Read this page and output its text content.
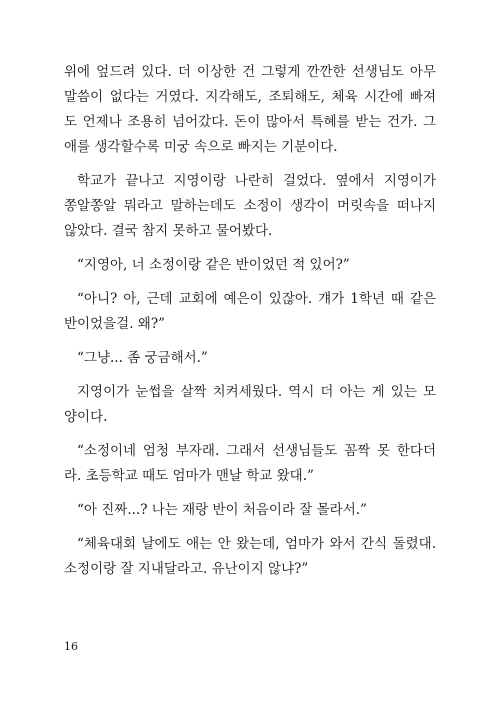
위에 엎드려 있다. 더 이상한 건 그렇게 깐깐한 선생님도 아무
말씀이 없다는 거였다. 지각해도, 조퇴해도, 체육 시간에 빠져
도 언제나 조용히 넘어갔다. 돈이 많아서 특혜를 받는 건가. 그
애를 생각할수록 미궁 속으로 빠지는 기분이다.
학교가 끝나고 지영이랑 나란히 걸었다. 옆에서 지영이가
쫑알쫑알 뭐라고 말하는데도 소정이 생각이 머릿속을 떠나지
않았다. 결국 참지 못하고 물어봤다.
“지영아, 너 소정이랑 같은 반이었던 적 있어?”
“아니? 아, 근데 교회에 예은이 있잖아. 걔가 1학년 때 같은
반이었을걸. 왜?”
“그냥... 좀 궁금해서.”
지영이가 눈썹을 살짝 치켜세웠다. 역시 더 아는 게 있는 모
양이다.
“소정이네 엄청 부자래. 그래서 선생님들도 꼼짝 못 한다더
라. 초등학교 때도 엄마가 맨날 학교 왔대.”
“아 진짜...? 나는 재랑 반이 처음이라 잘 몰라서.”
“체육대회 날에도 애는 안 왔는데, 엄마가 와서 간식 돌렸대.
소정이랑 잘 지내달라고. 유난이지 않냐?”
16
